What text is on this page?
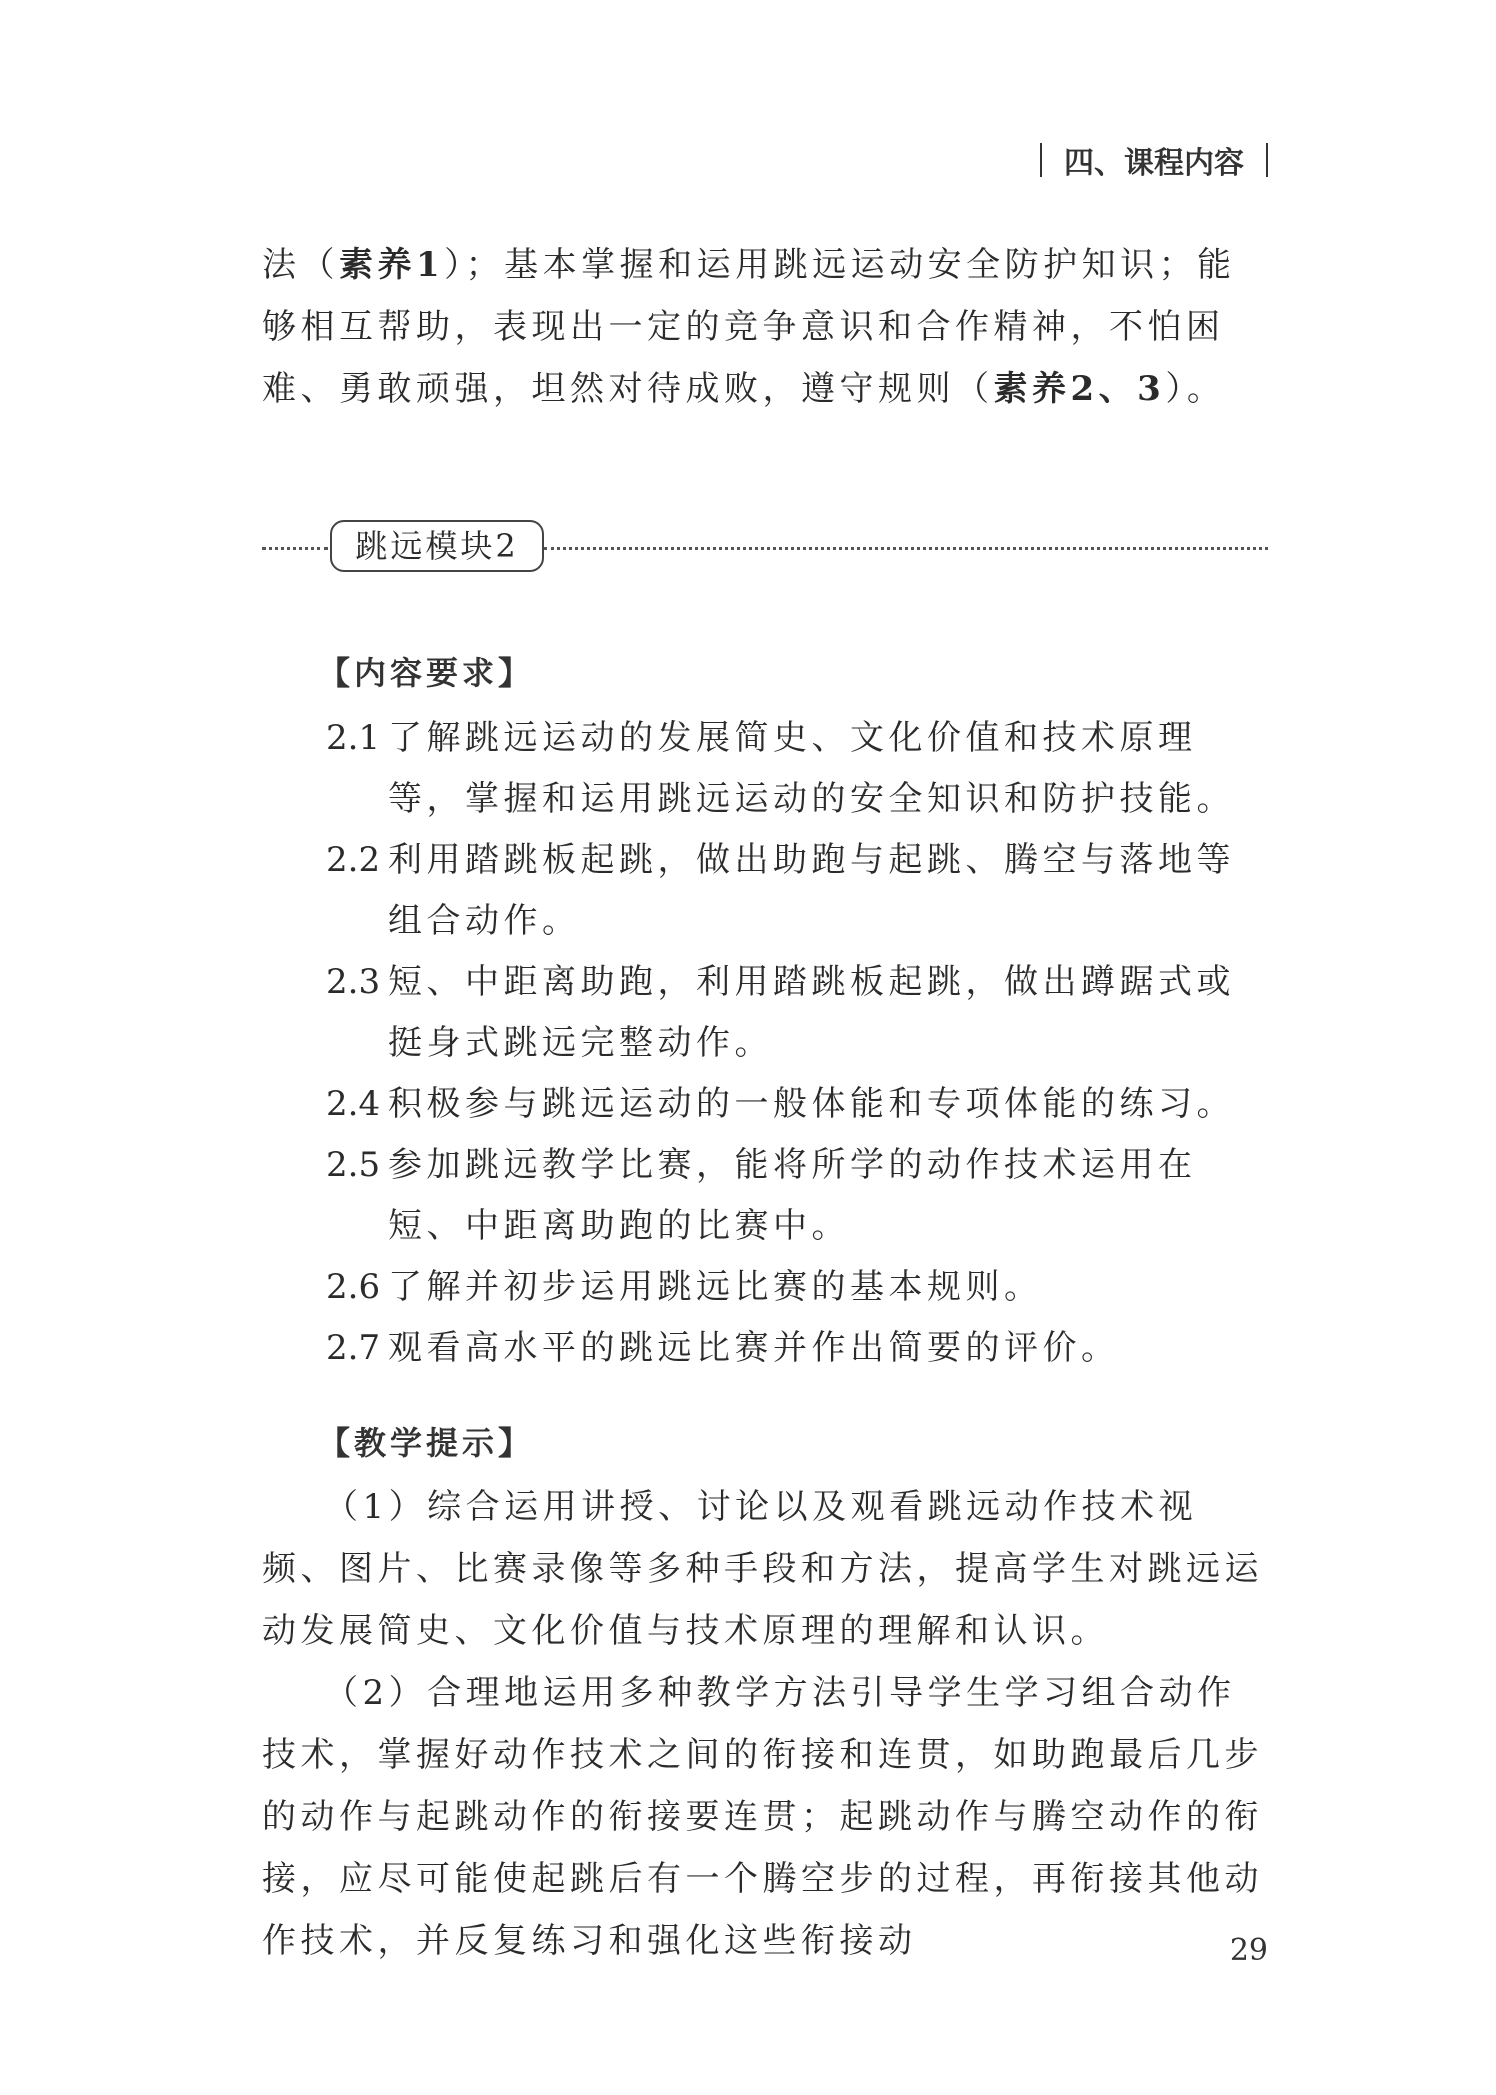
四、课程内容

法（素养1）；基本掌握和运用跳远运动安全防护知识；能够相互帮助，表现出一定的竞争意识和合作精神，不怕困难、勇敢顽强，坦然对待成败，遵守规则（素养2、3）。

跳远模块2
【内容要求】
2.1 了解跳远运动的发展简史、文化价值和技术原理等，掌握和运用跳远运动的安全知识和防护技能。
2.2 利用踏跳板起跳，做出助跑与起跳、腾空与落地等组合动作。
2.3 短、中距离助跑，利用踏跳板起跳，做出蹲踞式或挺身式跳远完整动作。
2.4 积极参与跳远运动的一般体能和专项体能的练习。
2.5 参加跳远教学比赛，能将所学的动作技术运用在短、中距离助跑的比赛中。
2.6 了解并初步运用跳远比赛的基本规则。
2.7 观看高水平的跳远比赛并作出简要的评价。
【教学提示】

（1）综合运用讲授、讨论以及观看跳远动作技术视频、图片、比赛录像等多种手段和方法，提高学生对跳远运动发展简史、文化价值与技术原理的理解和认识。

（2）合理地运用多种教学方法引导学生学习组合动作技术，掌握好动作技术之间的衔接和连贯，如助跑最后几步的动作与起跳动作的衔接要连贯；起跳动作与腾空动作的衔接，应尽可能使起跳后有一个腾空步的过程，再衔接其他动作技术，并反复练习和强化这些衔接动	29
